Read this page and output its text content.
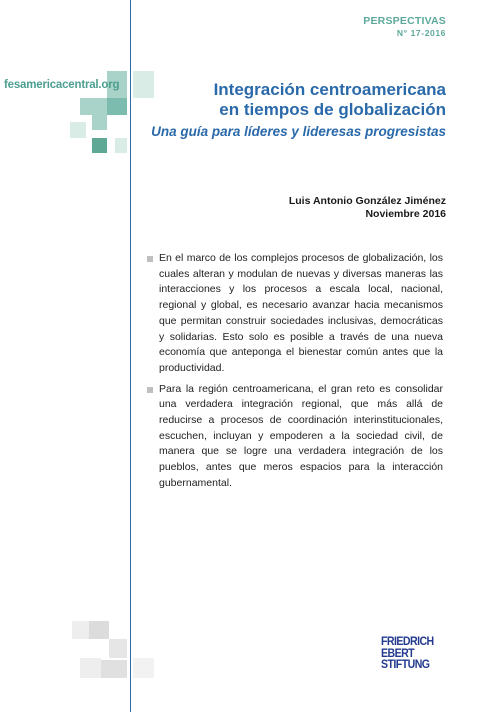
PERSPECTIVAS
N° 17-2016
fesamericacentral.org	Integración centroamericana
en tiempos de globalización
Una guía para líderes y lideresas progresistas
Luis Antonio González Jiménez
Noviembre 2016
En el marco de los complejos procesos de globalización, los cuales alteran y modulan de nuevas y diversas maneras las interacciones y los procesos a escala local, nacional, regional y global, es necesario avanzar hacia mecanismos que permitan construir sociedades inclusivas, democráticas y solidarias. Esto solo es posible a través de una nueva economía que anteponga el bienestar común antes que la productividad.
Para la región centroamericana, el gran reto es consolidar una verdadera integración regional, que más allá de reducirse a procesos de coordinación interinstitucionales, escuchen, incluyan y empoderen a la sociedad civil, de manera que se logre una verdadera integración de los pueblos, antes que meros espacios para la interacción gubernamental.
FRIEDRICH
EBERT
STIFTUNG
